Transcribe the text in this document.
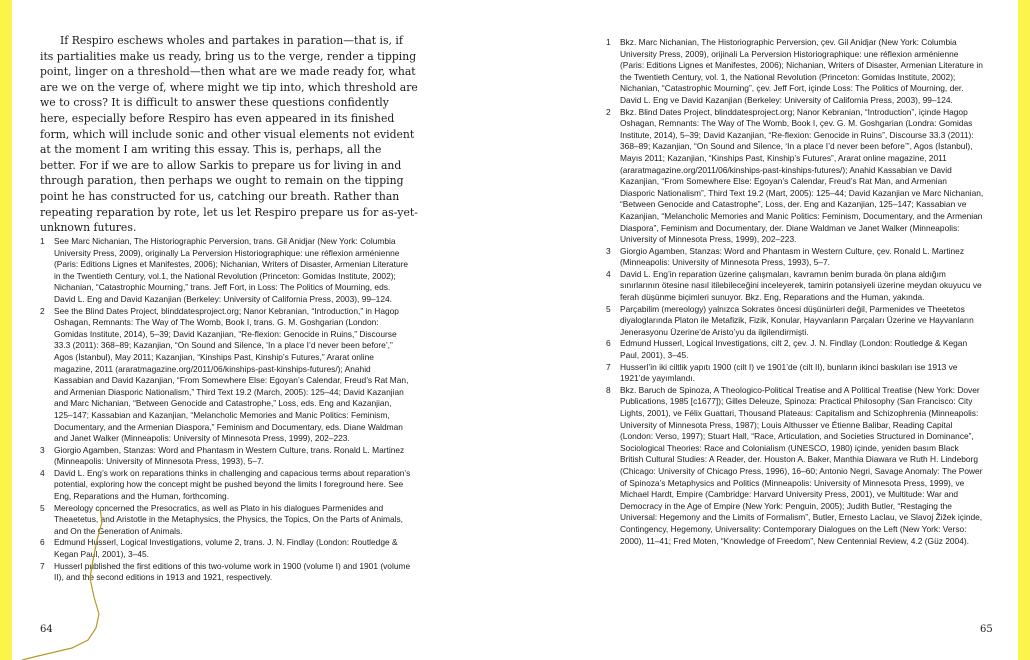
If Respiro eschews wholes and partakes in paration—that is, if its partialities make us ready, bring us to the verge, render a tipping point, linger on a threshold—then what are we made ready for, what are we on the verge of, where might we tip into, which threshold are we to cross? It is difficult to answer these questions confidently here, especially before Respiro has even appeared in its finished form, which will include sonic and other visual elements not evident at the moment I am writing this essay. This is, perhaps, all the better. For if we are to allow Sarkis to prepare us for living in and through paration, then perhaps we ought to remain on the tipping point he has constructed for us, catching our breath. Rather than repeating reparation by rote, let us let Respiro prepare us for as-yet-unknown futures.

1 See Marc Nichanian, The Historiographic Perversion, trans. Gil Anidjar (New York: Columbia University Press, 2009), originally La Perversion Historiographique: une réflexion arménienne (Paris: Editions Lignes et Manifestes, 2006); Nichanian, Writers of Disaster, Armenian Literature in the Twentieth Century, vol.1, the National Revolution (Princeton: Gomidas Institute, 2002); Nichanian, “Catastrophic Mourning,” trans. Jeff Fort, in Loss: The Politics of Mourning, eds. David L. Eng and David Kazanjian (Berkeley: University of California Press, 2003), 99–124.
2 See the Blind Dates Project, blinddatesproject.org; Nanor Kebranian, “Introduction,” in Hagop Oshagan, Remnants: The Way of The Womb, Book I, trans. G. M. Goshgarian (London: Gomidas Institute, 2014), 5–39; David Kazanjian, “Re-flexion: Genocide in Ruins,” Discourse 33.3 (2011): 368–89; Kazanjian, “On Sound and Silence, ‘In a place I’d never been before’,” Agos (İstanbul), May 2011; Kazanjian, “Kinships Past, Kinship’s Futures,” Ararat online magazine, 2011 (araratmagazine.org/2011/06/kinships-past-kinships-futures/); Anahid Kassabian and David Kazanjian, “From Somewhere Else: Egoyan’s Calendar, Freud’s Rat Man, and Armenian Diasporic Nationalism,” Third Text 19.2 (March, 2005): 125–44; David Kazanjian and Marc Nichanian, “Between Genocide and Catastrophe,” Loss, eds. Eng and Kazanjian, 125–147; Kassabian and Kazanjian, “Melancholic Memories and Manic Politics: Feminism, Documentary, and the Armenian Diaspora,” Feminism and Documentary, eds. Diane Waldman and Janet Walker (Minneapolis: University of Minnesota Press, 1999), 202–223.
3 Giorgio Agamben, Stanzas: Word and Phantasm in Western Culture, trans. Ronald L. Martinez (Minneapolis: University of Minnesota Press, 1993), 5–7.
4 David L. Eng’s work on reparations thinks in challenging and capacious terms about reparation’s potential, exploring how the concept might be pushed beyond the limits I foreground here. See Eng, Reparations and the Human, forthcoming.
5 Mereology concerned the Presocratics, as well as Plato in his dialogues Parmenides and Theaetetus, and Aristotle in the Metaphysics, the Physics, the Topics, On the Parts of Animals, and On the Generation of Animals.
6 Edmund Husserl, Logical Investigations, volume 2, trans. J. N. Findlay (London: Routledge & Kegan Paul, 2001), 3–45.
7 Husserl published the first editions of this two-volume work in 1900 (volume I) and 1901 (volume II), and the second editions in 1913 and 1921, respectively.
64
1 Bkz. Marc Nichanian, The Historiographic Perversion, çev. Gil Anidjar (New York: Columbia University Press, 2009), orijinali La Perversion Historiographique: une réflexion arménienne (Paris: Editions Lignes et Manifestes, 2006); Nichanian, Writers of Disaster, Armenian Literature in the Twentieth Century, vol. 1, the National Revolution (Princeton: Gomidas Institute, 2002); Nichanian, “Catastrophic Mourning”, çev. Jeff Fort, içinde Loss: The Politics of Mourning, der. David L. Eng ve David Kazanjian (Berkeley: University of California Press, 2003), 99–124.
2 Bkz. Blind Dates Project, blinddatesproject.org; Nanor Kebranian, “Introduction”, içinde Hagop Oshagan, Remnants: The Way of The Womb, Book I, çev. G. M. Goshgarian (Londra: Gomidas Institute, 2014), 5–39; David Kazanjian, “Re-flexion: Genocide in Ruins”, Discourse 33.3 (2011): 368–89; Kazanjian, “On Sound and Silence, ‘In a place I’d never been before’”, Agos (İstanbul), Mayıs 2011; Kazanjian, “Kinships Past, Kinship’s Futures”, Ararat online magazine, 2011 (araratmagazine.org/2011/06/kinships-past-kinships-futures/); Anahid Kassabian ve David Kazanjian, “From Somewhere Else: Egoyan’s Calendar, Freud’s Rat Man, and Armenian Diasporic Nationalism”, Third Text 19.2 (Mart, 2005): 125–44; David Kazanjian ve Marc Nichanian, “Between Genocide and Catastrophe”, Loss, der. Eng and Kazanjian, 125–147; Kassabian ve Kazanjian, “Melancholic Memories and Manic Politics: Feminism, Documentary, and the Armenian Diaspora”, Feminism and Documentary, der. Diane Waldman ve Janet Walker (Minneapolis: University of Minnesota Press, 1999), 202–223.
3 Giorgio Agamben, Stanzas: Word and Phantasm in Western Culture, çev. Ronald L. Martinez (Minneapolis: University of Minnesota Press, 1993), 5–7.
4 David L. Eng’in reparation üzerine çalışmaları, kavramın benim burada ön plana aldığım sınırlarının ötesine nasıl itilebileceğini inceleyerek, tamirin potansiyeli üzerine meydan okuyucu ve ferah düşünme biçimleri sunuyor. Bkz. Eng, Reparations and the Human, yakında.
5 Parçabilim (mereology) yalnızca Sokrates öncesi düşünürleri değil, Parmenides ve Theetetos diyaloglarında Platon ile Metafizik, Fizik, Konular, Hayvanların Parçaları Üzerine ve Hayvanların Jenerasyonu Üzerine’de Aristo’yu da ilgilendirmişti.
6 Edmund Husserl, Logical Investigations, cilt 2, çev. J. N. Findlay (London: Routledge & Kegan Paul, 2001), 3–45.
7 Husserl’in iki ciltlik yapıtı 1900 (cilt I) ve 1901’de (cilt II), bunların ikinci baskıları ise 1913 ve 1921’de yayımlandı.
8 Bkz. Baruch de Spinoza, A Theologico-Political Treatise and A Political Treatise (New York: Dover Publications, 1985 [c1677]); Gilles Deleuze, Spinoza: Practical Philosophy (San Francisco: City Lights, 2001), ve Félix Guattari, Thousand Plateaus: Capitalism and Schizophrenia (Minneapolis: University of Minnesota Press, 1987); Louis Althusser ve Étienne Balibar, Reading Capital (London: Verso, 1997); Stuart Hall, “Race, Articulation, and Societies Structured in Dominance”, Sociological Theories: Race and Colonialism (UNESCO, 1980) içinde, yeniden basım Black British Cultural Studies: A Reader, der. Houston A. Baker, Manthia Diawara ve Ruth H. Lindeborg (Chicago: University of Chicago Press, 1996), 16–60; Antonio Negri, Savage Anomaly: The Power of Spinoza’s Metaphysics and Politics (Minneapolis: University of Minnesota Press, 1999), ve Michael Hardt, Empire (Cambridge: Harvard University Press, 2001), ve Multitude: War and Democracy in the Age of Empire (New York: Penguin, 2005); Judith Butler, “Restaging the Universal: Hegemony and the Limits of Formalism”, Butler, Ernesto Laclau, ve Slavoj Žižek içinde, Contingency, Hegemony, Universality: Contemporary Dialogues on the Left (New York: Verso: 2000), 11–41; Fred Moten, “Knowledge of Freedom”, New Centennial Review, 4.2 (Güz 2004).
65
